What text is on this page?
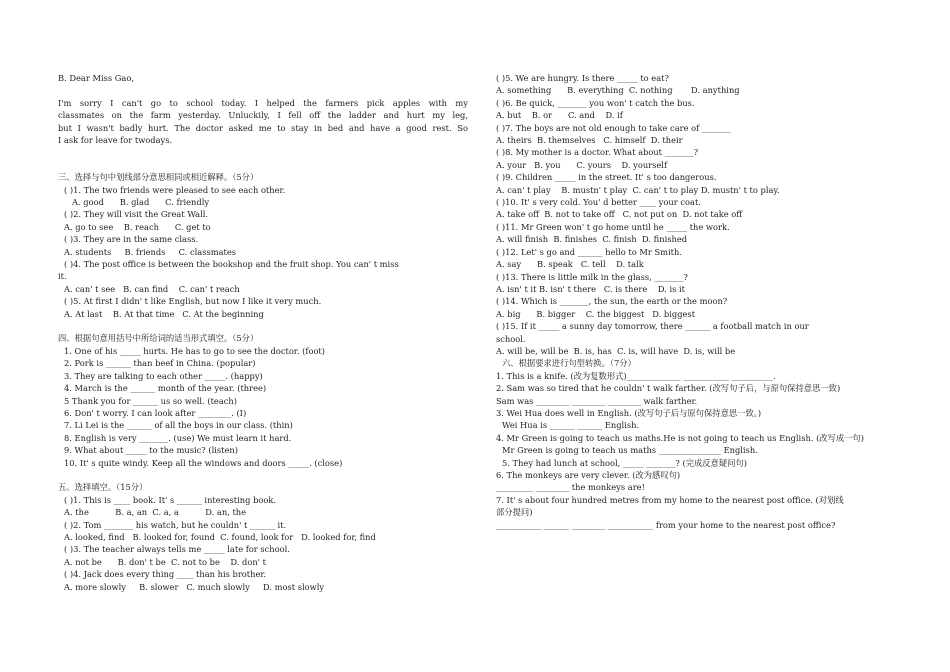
B. Dear Miss Gao,
I'm sorry I can't go to school today. I helped the farmers pick apples with my
classmates on the farm yesterday. Unluckily, I fell off the ladder and hurt my leg,
but I wasn't badly hurt. The doctor asked me to stay in bed and have a good rest. So
I ask for leave for twodays.
三、选择与句中划线部分意思相同或相近解释。（5分）
( )1. The two friends were pleased to see each other.
A. good      B. glad      C. friendly
( )2. They will visit the Great Wall.
A. go to see    B. reach      C. get to
( )3. They are in the same class.
A. students     B. friends     C. classmates
( )4. The post office is between the bookshop and the fruit shop. You can' t miss
it.
A. can' t see   B. can find    C. can' t reach
( )5. At first I didn' t like English, but now I like it very much.
A. At last    B. At that time   C. At the beginning
四、根据句意用括号中所给词的适当形式填空。（5分）
1. One of his _____ hurts. He has to go to see the doctor. (foot)
2. Pork is ______ than beef in China. (popular)
3. They are talking to each other _____. (happy)
4. March is the ______ month of the year. (three)
5 Thank you for ______ us so well. (teach)
6. Don' t worry. I can look after ________. (I)
7. Li Lei is the ______ of all the boys in our class. (thin)
8. English is very _______. (use) We must learn it hard.
9. What about _____ to the music? (listen)
10. It' s quite windy. Keep all the windows and doors _____. (close)
五、选择填空。（15分）
( )1. This is ____ book. It' s ______ interesting book.
A. the          B. a, an  C. a, a          D. an, the
( )2. Tom _______ his watch, but he couldn' t ______ it.
A. looked, find   B. looked for, found  C. found, look for   D. looked for, find
( )3. The teacher always tells me _____ late for school.
A. not be      B. don' t be  C. not to be    D. don' t
( )4. Jack does every thing ____ than his brother.
A. more slowly     B. slower   C. much slowly     D. most slowly
( )5. We are hungry. Is there _____ to eat?
A. something      B. everything  C. nothing       D. anything
( )6. Be quick, _______ you won' t catch the bus.
A. but    B. or      C. and    D. if
( )7. The boys are not old enough to take care of _______
A. theirs  B. themselves   C. himself  D. their
( )8. My mother is a doctor. What about _______?
A. your   B. you      C. yours    D. yourself
( )9. Children _____ in the street. It' s too dangerous.
A. can' t play    B. mustn' t play  C. can' t to play D. mustn' t to play.
( )10. It' s very cold. You' d better ____ your coat.
A. take off  B. not to take off   C. not put on  D. not take off
( )11. Mr Green won' t go home until he _____ the work.
A. will finish  B. finishes  C. finish  D. finished
( )12. Let' s go and ______ hello to Mr Smith.
A. say      B. speak   C. tell    D. talk
( )13. There is little milk in the glass, _______?
A. isn' t it B. isn' t there   C. is there    D. is it
( )14. Which is _______, the sun, the earth or the moon?
A. big      B. bigger    C. the biggest   D. biggest
( )15. If it _____ a sunny day tomorrow, there ______ a football match in our
school.
A. will be, will be  B. is, has  C. is, will have  D. is, will be
六、根据要求进行句型转换。（7分）
1. This is a knife. (改为复数形式)_____________ ___________ __________.
2. Sam was so tired that he couldn' t walk farther. (改写句子后，与原句保持意思一致)
Sam was ________ ________ ________ walk farther.
3. Wei Hua does well in English. (改写句子后与原句保持意思一致。)
Wei Hua is ______ ______ English.
4. Mr Green is going to teach us maths.He is not going to teach us English. (改写成一句)
Mr Green is going to teach us maths _______________ English.
5. They had lunch at school, _____ _______? (完成反意疑问句)
6. The monkeys are very clever. (改为感叹句)
_________ ________ the monkeys are!
7. It' s about four hundred metres from my home to the nearest post office. (对划线
部分提问)
___________ ______ ________ ___________ from your home to the nearest post office?
